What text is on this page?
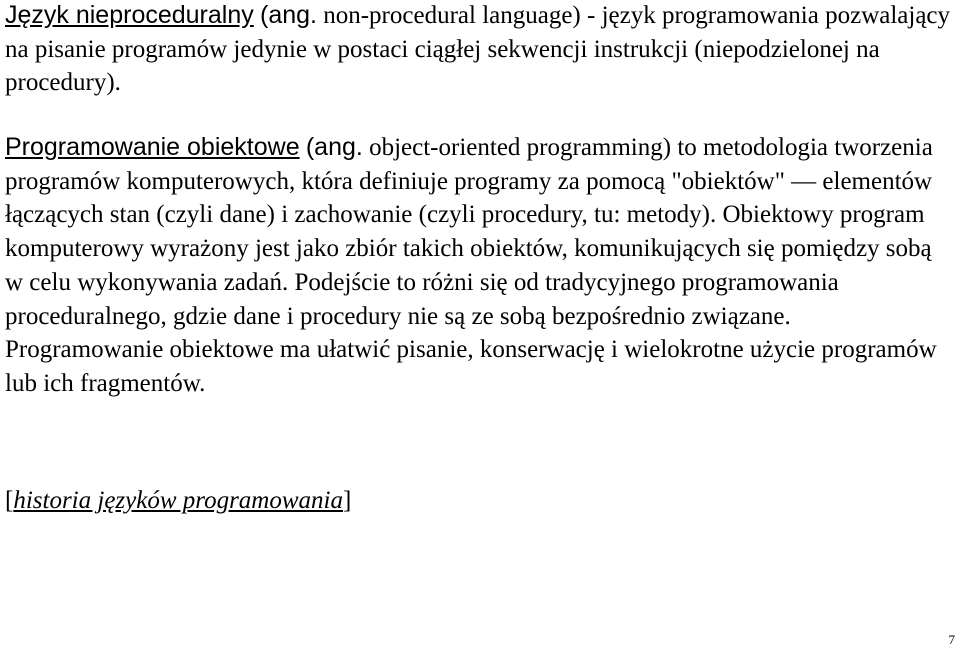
Język nieproceduralny (ang. non-procedural language) - język programowania pozwalający na pisanie programów jedynie w postaci ciągłej sekwencji instrukcji (niepodzielonej na procedury).

Programowanie obiektowe (ang. object-oriented programming) to metodologia tworzenia programów komputerowych, która definiuje programy za pomocą "obiektów" — elementów łączących stan (czyli dane) i zachowanie (czyli procedury, tu: metody). Obiektowy program komputerowy wyrażony jest jako zbiór takich obiektów, komunikujących się pomiędzy sobą w celu wykonywania zadań. Podejście to różni się od tradycyjnego programowania proceduralnego, gdzie dane i procedury nie są ze sobą bezpośrednio związane. Programowanie obiektowe ma ułatwić pisanie, konserwację i wielokrotne użycie programów lub ich fragmentów.

[historia języków programowania]

7
